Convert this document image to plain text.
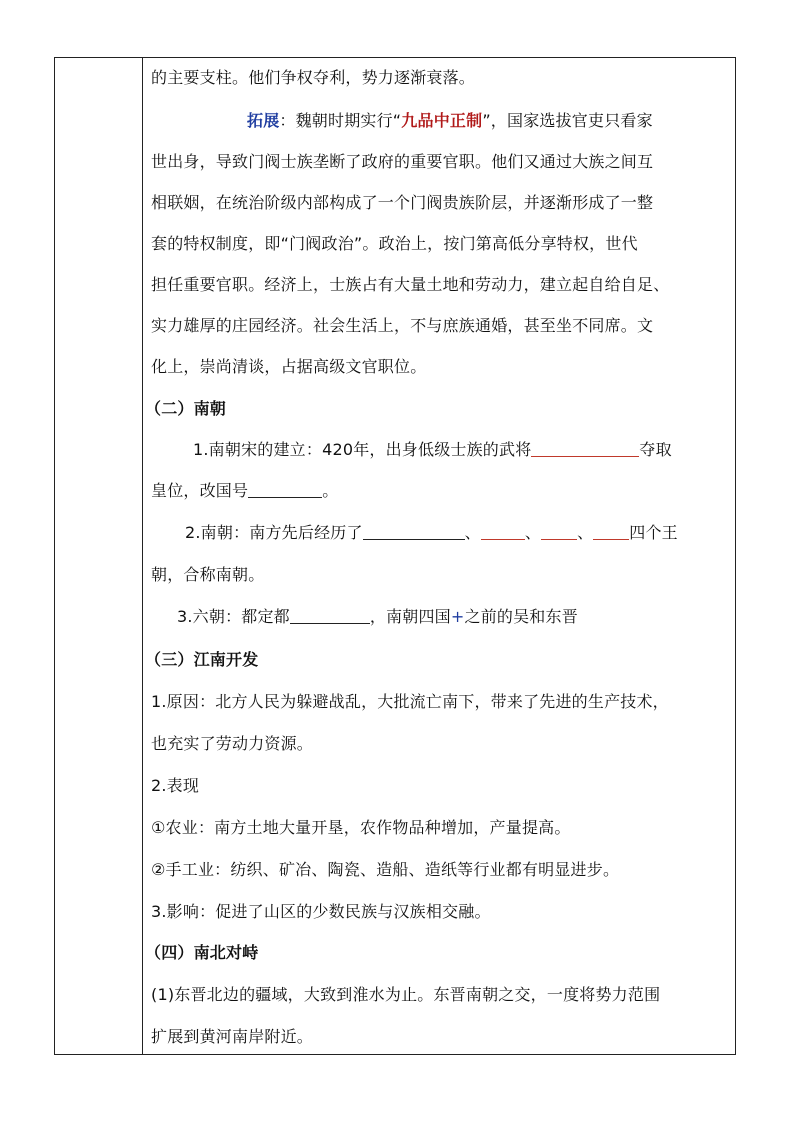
的主要支柱。他们争权夺利，势力逐渐衰落。
拓展：魏朝时期实行“九品中正制”，国家选拔官吏只看家
世出身，导致门阀士族垄断了政府的重要官职。他们又通过大族之间互
相联姻，在统治阶级内部构成了一个门阀贵族阶层，并逐渐形成了一整
套的特权制度，即“门阀政治”。政治上，按门第高低分享特权，世代
担任重要官职。经济上，士族占有大量土地和劳动力，建立起自给自足、
实力雄厚的庄园经济。社会生活上，不与庶族通婚，甚至坐不同席。文
化上，崇尚清谈，占据高级文官职位。
（二）南朝
1.南朝宋的建立：420年，出身低级士族的武将	夺取
皇位，改国号	。
2.南朝：南方先后经历了	、	、 、 四个王
朝，合称南朝。
3.六朝：都定都	，南朝四国+之前的吴和东晋
（三）江南开发
1.原因：北方人民为躲避战乱，大批流亡南下，带来了先进的生产技术，
也充实了劳动力资源。
2.表现
①农业：南方土地大量开垦，农作物品种增加，产量提高。
②手工业：纺织、矿冶、陶瓷、造船、造纸等行业都有明显进步。
3.影响：促进了山区的少数民族与汉族相交融。
（四）南北对峙
(1)东晋北边的疆域，大致到淮水为止。东晋南朝之交，一度将势力范围
扩展到黄河南岸附近。
